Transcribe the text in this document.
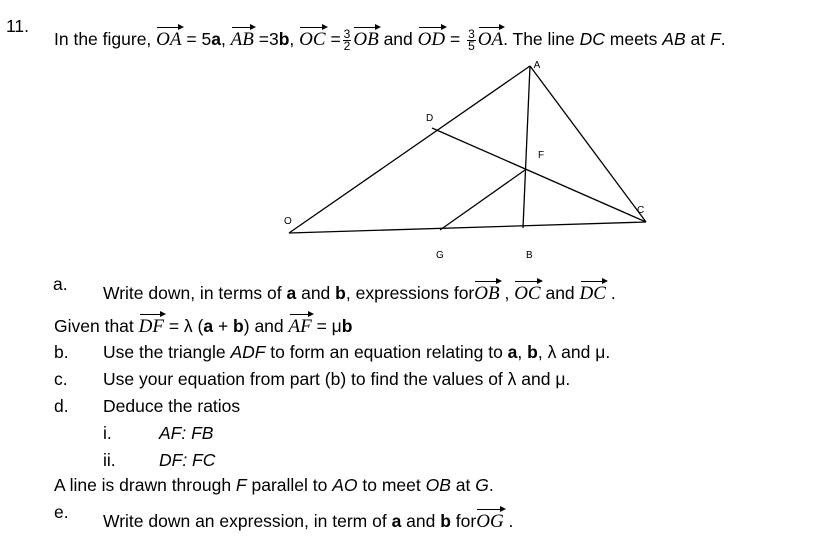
11.
In the figure, OA = 5a, AB =3b, OC = $\frac{3}{2}$ OB and OD = $\frac{3}{5}$ OA. The line DC meets AB at F.
A
D
F
C
O
G	B
a. Write down, in terms of a and b, expressions forOB , OC and DC .
Given that DF = λ (a + b) and AF = μb
b. Use the triangle ADF to form an equation relating to a, b, λ and μ.
c. Use your equation from part (b) to find the values of λ and μ.
d. Deduce the ratios
i.	AF: FB
ii. DF: FC
A line is drawn through F parallel to AO to meet OB at G.
e. Write down an expression, in term of a and b forOG .
